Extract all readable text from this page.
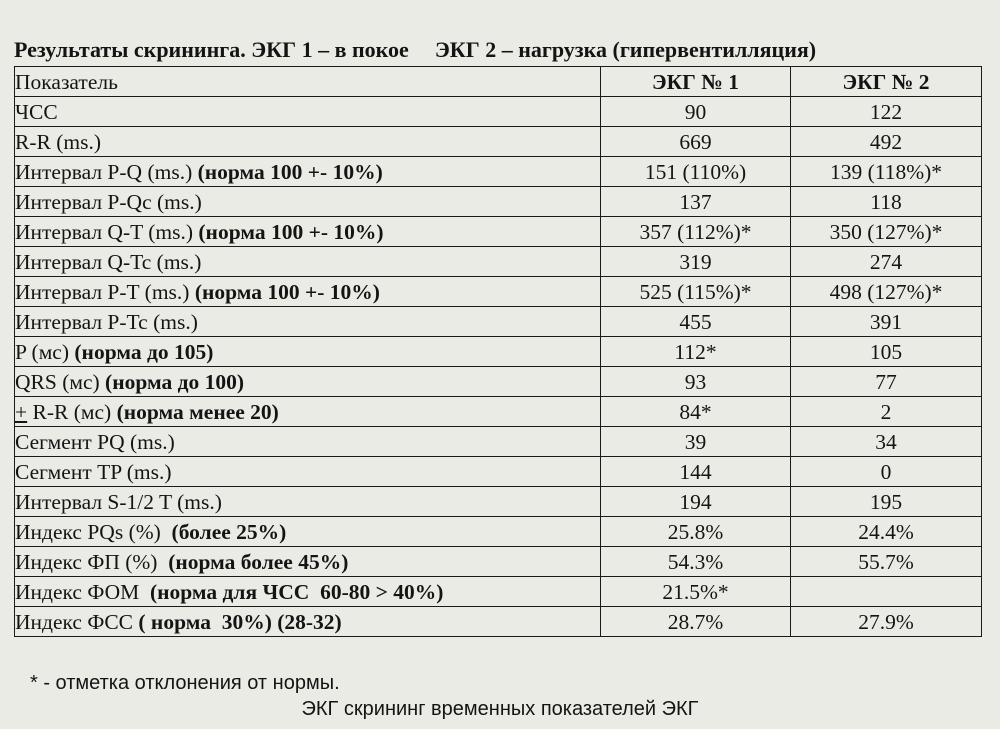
Результаты скрининга. ЭКГ 1 – в покое ЭКГ 2 – нагрузка (гипервентилляция)
Показатель	ЭКГ № 1	ЭКГ № 2
ЧСС	90	122
R-R (ms.)	669	492
Интервал P-Q (ms.) (норма 100 +- 10%)	151 (110%)	139 (118%)*
Интервал P-Qc (ms.)	137	118
Интервал Q-T (ms.) (норма 100 +- 10%)	357 (112%)*	350 (127%)*
Интервал Q-Tc (ms.)	319	274
Интервал P-T (ms.) (норма 100 +- 10%)	525 (115%)*	498 (127%)*
Интервал P-Tc (ms.)	455	391
P (мс) (норма до 105)	112*	105
QRS (мс) (норма до 100)	93	77
+ R-R (мс) (норма менее 20)	84*	2
Сегмент PQ (ms.)	39	34
Сегмент TP (ms.)	144	0
Интервал S-1/2 T (ms.)	194	195
Индекс PQs (%)  (более 25%)	25.8%	24.4%
Индекс ФП (%)  (норма более 45%)	54.3%	55.7%
Индекс ФОМ  (норма для ЧСС  60-80 > 40%)	21.5%*	
Индекс ФСС ( норма  30%) (28-32)	28.7%	27.9%
* - отметка отклонения от нормы.
ЭКГ скрининг временных показателей ЭКГ
